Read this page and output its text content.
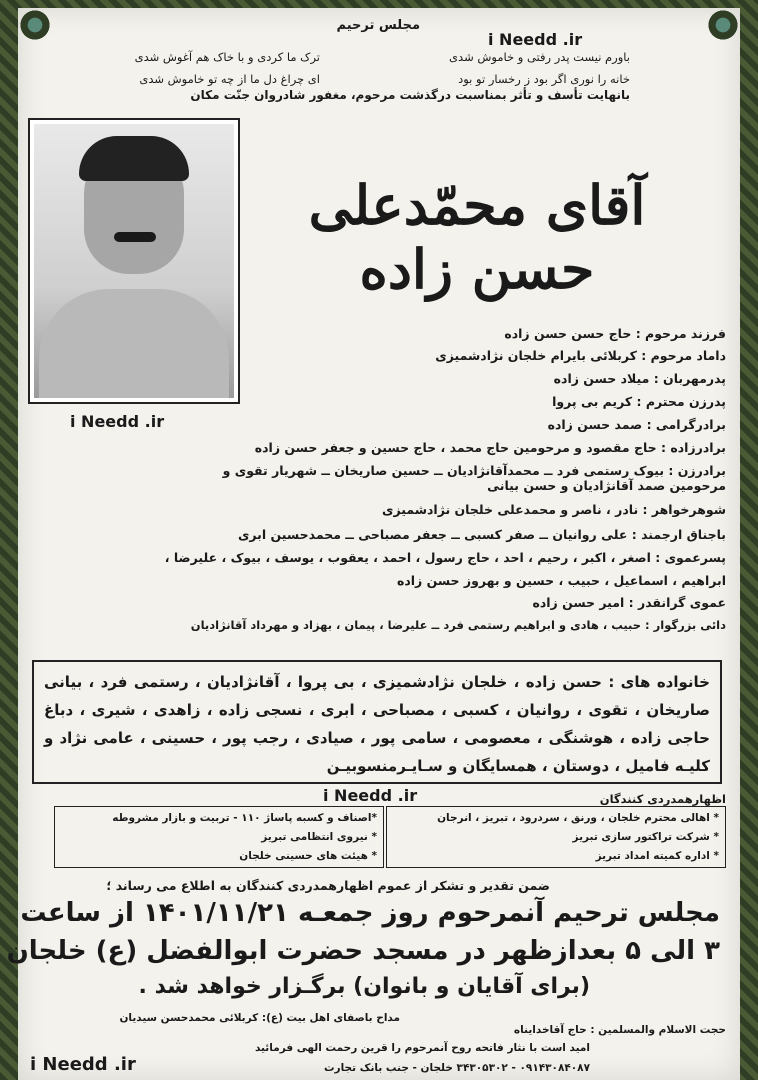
مجلس ترحیم
i Needd .ir
ترک ما کردی و با خاک هم آغوش شدی
ای چراغ دل ما از چه تو خاموش شدی
باورم نیست پدر رفتی و خاموش شدی
خانه را نوری اگر بود ز رخسار تو بود
بانهایت تأسف و تأثر بمناسبت درگذشت مرحوم، مغفور شادروان جنّت مکان
آقای محمّدعلی حسن زاده
i Needd .ir
فرزند مرحوم : حاج حسن حسن زاده
داماد مرحوم : کربلائی بایرام خلجان نژادشمیزی
پدرمهربان : میلاد حسن زاده
پدرزن محترم : کریم بی پروا
برادرگرامی : صمد حسن زاده
برادرزاده : حاج مقصود و مرحومین حاج محمد ، حاج حسین و جعفر حسن زاده
برادرزن : بیوک رستمی فرد ــ محمدآقانژادیان ــ حسین صاریخان ــ شهریار تقوی و
مرحومین صمد آقانژادیان و حسن بیانی
شوهرخواهر : نادر ، ناصر و محمدعلی خلجان نژادشمیزی
باجناق ارجمند : علی روانیان ــ صفر کسبی ــ جعفر مصباحی ــ محمدحسین ابری
پسرعموی : اصغر ، اکبر ، رحیم ، احد ، حاج رسول ، احمد ، یعقوب ، یوسف ، بیوک ، علیرضا ،
ابراهیم ، اسماعیل ، حبیب ، حسین و بهروز حسن زاده
عموی گرانقدر : امیر حسن زاده
دائی بزرگوار : حبیب ، هادی و ابراهیم رستمی فرد ــ علیرضا ، پیمان ، بهزاد و مهرداد آقانژادیان
خانواده های : حسن زاده ، خلجان نژادشمیزی ، بی پروا ، آقانژادیان ، رستمی فرد ، بیانی صاریخان ، تقوی ، روانیان ، کسبی ، مصباحی ، ابری ، نسجی زاده ، زاهدی ، شیری ، دباغ حاجی زاده ، هوشنگی ، معصومی ، سامی پور ، صیادی ، رجب پور ، حسینی ، عامی نژاد و کلیـه فامیل ، دوستان ، همسایگان و سـایـرمنسوبیـن
i Needd .ir	اظهارهمدردی کنندگان
* اهالی محترم خلجان ، ورنق ، سردرود ، تبریز ، انرجان
* شرکت تراکتور سازی تبریز
* اداره کمیته امداد تبریز
*اصناف و کسبه پاساژ ۱۱۰ - تربیت و بازار مشروطه
* نیروی انتظامی تبریز
* هیئت های حسینی خلجان
ضمن تقدیر و تشکر از عموم اظهارهمدردی کنندگان به اطلاع می رساند ؛
مجلس ترحیم آنمرحوم روز جمعـه ۱۴۰۱/۱۱/۲۱ از ساعت
۳ الی ۵ بعدازظهر در مسجد حضرت ابوالفضل (ع) خلجان
(برای آقایان و بانوان) برگـزار خواهد شد .
حجت الاسلام والمسلمین : حاج آقاخدایناه
مداح باصفای اهل بیت (ع): کربلائی محمدحسن سیدیان
امید است با نثار فاتحه روح آنمرحوم را قرین رحمت الهی فرمائید
۰۹۱۴۳۰۸۴۰۸۷ - ۳۴۳۰۵۳۰۲ خلجان - جنب بانک تجارت
i Needd .ir
